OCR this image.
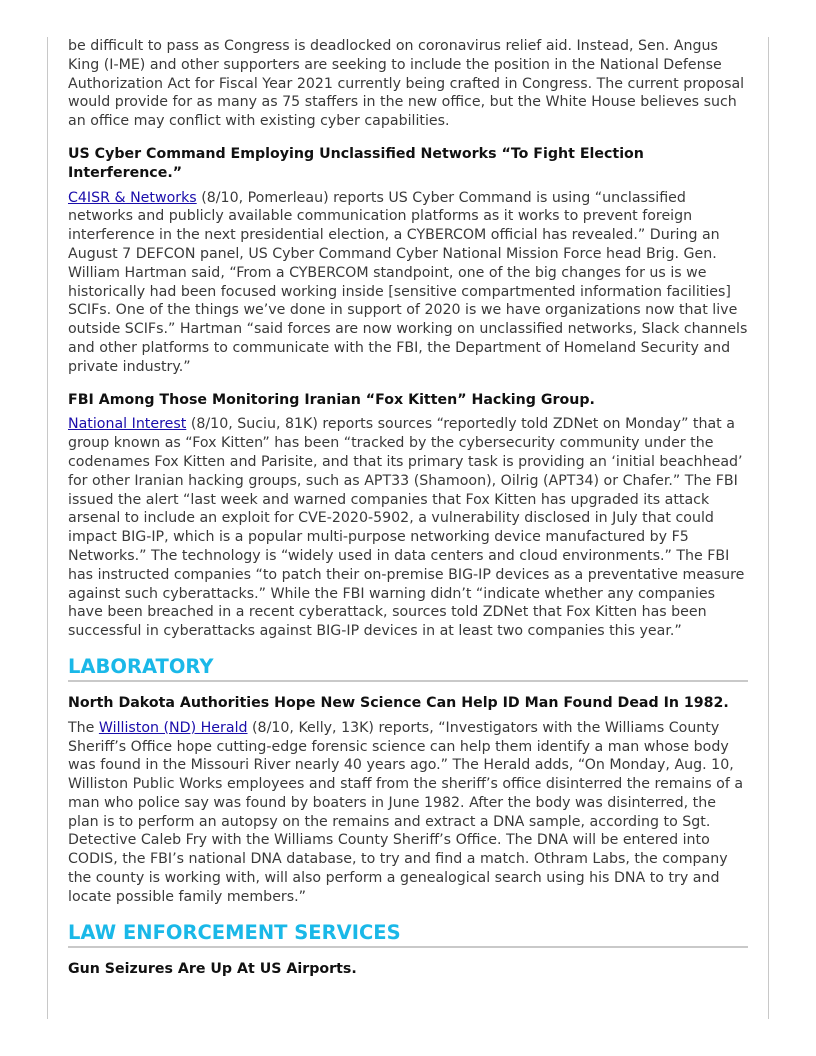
be difficult to pass as Congress is deadlocked on coronavirus relief aid. Instead, Sen. Angus King (I-ME) and other supporters are seeking to include the position in the National Defense Authorization Act for Fiscal Year 2021 currently being crafted in Congress. The current proposal would provide for as many as 75 staffers in the new office, but the White House believes such an office may conflict with existing cyber capabilities.

US Cyber Command Employing Unclassified Networks “To Fight Election Interference.”

C4ISR & Networks (8/10, Pomerleau) reports US Cyber Command is using “unclassified networks and publicly available communication platforms as it works to prevent foreign interference in the next presidential election, a CYBERCOM official has revealed.” During an August 7 DEFCON panel, US Cyber Command Cyber National Mission Force head Brig. Gen. William Hartman said, “From a CYBERCOM standpoint, one of the big changes for us is we historically had been focused working inside [sensitive compartmented information facilities] SCIFs. One of the things we’ve done in support of 2020 is we have organizations now that live outside SCIFs.” Hartman “said forces are now working on unclassified networks, Slack channels and other platforms to communicate with the FBI, the Department of Homeland Security and private industry.”

FBI Among Those Monitoring Iranian “Fox Kitten” Hacking Group.

National Interest (8/10, Suciu, 81K) reports sources “reportedly told ZDNet on Monday” that a group known as “Fox Kitten” has been “tracked by the cybersecurity community under the codenames Fox Kitten and Parisite, and that its primary task is providing an ‘initial beachhead’ for other Iranian hacking groups, such as APT33 (Shamoon), Oilrig (APT34) or Chafer.” The FBI issued the alert “last week and warned companies that Fox Kitten has upgraded its attack arsenal to include an exploit for CVE-2020-5902, a vulnerability disclosed in July that could impact BIG-IP, which is a popular multi-purpose networking device manufactured by F5 Networks.” The technology is “widely used in data centers and cloud environments.” The FBI has instructed companies “to patch their on-premise BIG-IP devices as a preventative measure against such cyberattacks.” While the FBI warning didn’t “indicate whether any companies have been breached in a recent cyberattack, sources told ZDNet that Fox Kitten has been successful in cyberattacks against BIG-IP devices in at least two companies this year.”

LABORATORY
North Dakota Authorities Hope New Science Can Help ID Man Found Dead In 1982.

The Williston (ND) Herald (8/10, Kelly, 13K) reports, “Investigators with the Williams County Sheriff’s Office hope cutting-edge forensic science can help them identify a man whose body was found in the Missouri River nearly 40 years ago.” The Herald adds, “On Monday, Aug. 10, Williston Public Works employees and staff from the sheriff’s office disinterred the remains of a man who police say was found by boaters in June 1982. After the body was disinterred, the plan is to perform an autopsy on the remains and extract a DNA sample, according to Sgt. Detective Caleb Fry with the Williams County Sheriff’s Office. The DNA will be entered into CODIS, the FBI’s national DNA database, to try and find a match. Othram Labs, the company the county is working with, will also perform a genealogical search using his DNA to try and locate possible family members.”

LAW ENFORCEMENT SERVICES
Gun Seizures Are Up At US Airports.
